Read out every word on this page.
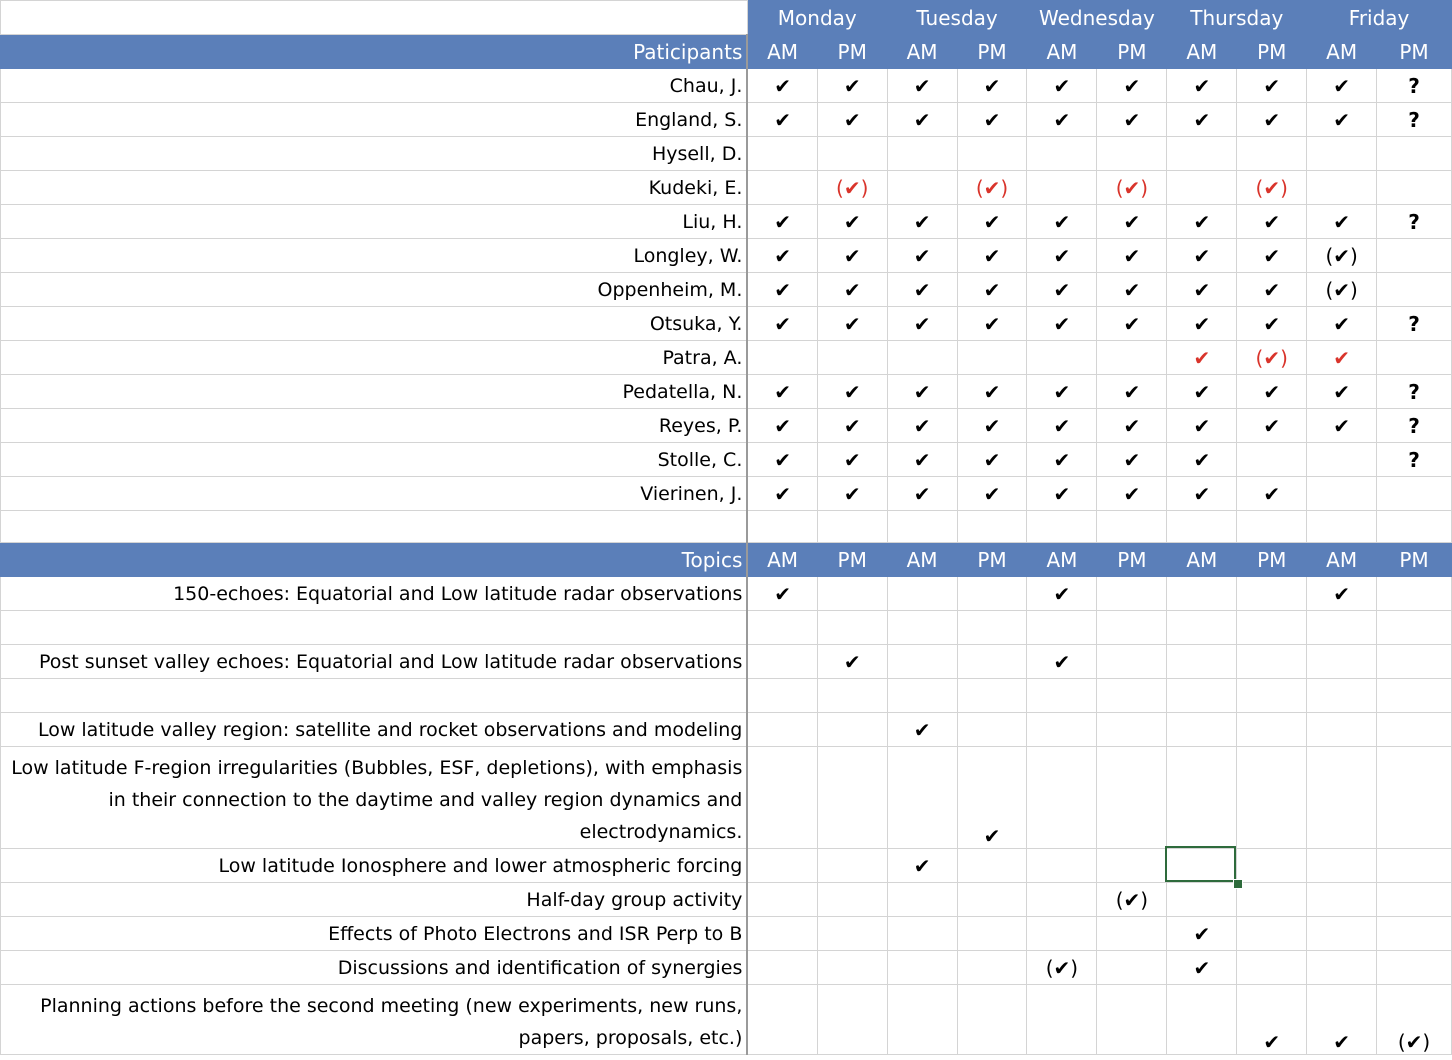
	Monday		Tuesday		Wednesday		Thursday		Friday	
Paticipants	AM	PM	AM	PM	AM	PM	AM	PM	AM	PM
Chau, J.	✔	✔	✔	✔	✔	✔	✔	✔	✔	?
England, S.	✔	✔	✔	✔	✔	✔	✔	✔	✔	?
Hysell, D.										
Kudeki, E.		(✔)		(✔)		(✔)		(✔)		
Liu, H.	✔	✔	✔	✔	✔	✔	✔	✔	✔	?
Longley, W.	✔	✔	✔	✔	✔	✔	✔	✔	(✔)	
Oppenheim, M.	✔	✔	✔	✔	✔	✔	✔	✔	(✔)	
Otsuka, Y.	✔	✔	✔	✔	✔	✔	✔	✔	✔	?
Patra, A.							✔	(✔)	✔	
Pedatella, N.	✔	✔	✔	✔	✔	✔	✔	✔	✔	?
Reyes, P.	✔	✔	✔	✔	✔	✔	✔	✔	✔	?
Stolle, C.	✔	✔	✔	✔	✔	✔	✔			?
Vierinen, J.	✔	✔	✔	✔	✔	✔	✔	✔		

Topics	AM	PM	AM	PM	AM	PM	AM	PM	AM	PM
150-echoes: Equatorial and Low latitude radar observations	✔				✔				✔	

Post sunset valley echoes: Equatorial and Low latitude radar observations		✔			✔					

Low latitude valley region: satellite and rocket observations and modeling			✔							
Low latitude F-region irregularities (Bubbles, ESF, depletions), with emphasis in their connection to the daytime and valley region dynamics and electrodynamics.				✔						
Low latitude Ionosphere and lower atmospheric forcing			✔							
Half-day group activity						(✔)				
Effects of Photo Electrons and ISR Perp to B							✔			
Discussions and identification of synergies					(✔)		✔			
Planning actions before the second meeting (new experiments, new runs, papers, proposals, etc.)								✔	✔	(✔)
